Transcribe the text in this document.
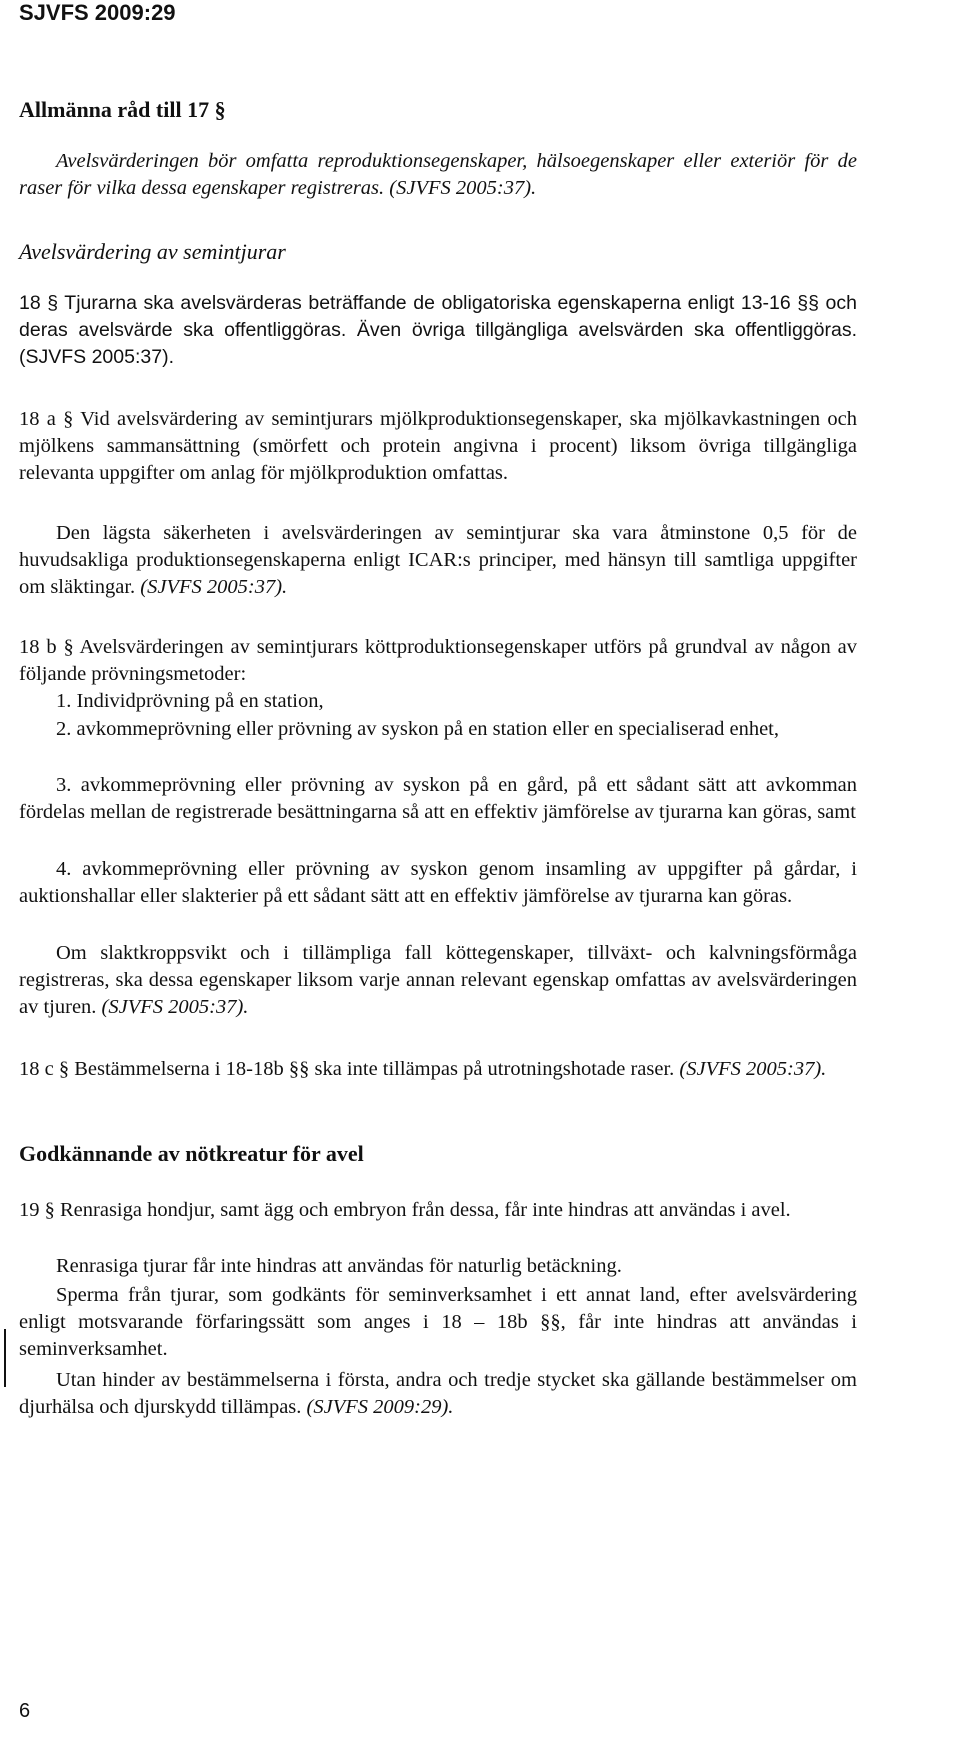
SJVFS 2009:29
Allmänna råd till 17 §
Avelsvärderingen bör omfatta reproduktionsegenskaper, hälsoegenskaper eller exteriör för de raser för vilka dessa egenskaper registreras. (SJVFS 2005:37).
Avelsvärdering av semintjurar
18 § Tjurarna ska avelsvärderas beträffande de obligatoriska egenskaperna enligt 13-16 §§ och deras avelsvärde ska offentliggöras. Även övriga tillgängliga avelsvärden ska offentliggöras. (SJVFS 2005:37).
18 a § Vid avelsvärdering av semintjurars mjölkproduktionsegenskaper, ska mjölkavkastningen och mjölkens sammansättning (smörfett och protein angivna i procent) liksom övriga tillgängliga relevanta uppgifter om anlag för mjölkproduktion omfattas.
Den lägsta säkerheten i avelsvärderingen av semintjurar ska vara åtminstone 0,5 för de huvudsakliga produktionsegenskaperna enligt ICAR:s principer, med hänsyn till samtliga uppgifter om släktingar. (SJVFS 2005:37).
18 b § Avelsvärderingen av semintjurars köttproduktionsegenskaper utförs på grundval av någon av följande prövningsmetoder:
1. Individprövning på en station,
2. avkommeprövning eller prövning av syskon på en station eller en specialiserad enhet,
3. avkommeprövning eller prövning av syskon på en gård, på ett sådant sätt att avkomman fördelas mellan de registrerade besättningarna så att en effektiv jämförelse av tjurarna kan göras, samt
4. avkommeprövning eller prövning av syskon genom insamling av uppgifter på gårdar, i auktionshallar eller slakterier på ett sådant sätt att en effektiv jämförelse av tjurarna kan göras.
Om slaktkroppsvikt och i tillämpliga fall köttegenskaper, tillväxt- och kalvningsförmåga registreras, ska dessa egenskaper liksom varje annan relevant egenskap omfattas av avelsvärderingen av tjuren. (SJVFS 2005:37).
18 c § Bestämmelserna i 18-18b §§ ska inte tillämpas på utrotningshotade raser. (SJVFS 2005:37).
Godkännande av nötkreatur för avel
19 § Renrasiga hondjur, samt ägg och embryon från dessa, får inte hindras att användas i avel.
Renrasiga tjurar får inte hindras att användas för naturlig betäckning.
Sperma från tjurar, som godkänts för seminverksamhet i ett annat land, efter avelsvärdering enligt motsvarande förfaringssätt som anges i 18 – 18b §§, får inte hindras att användas i seminverksamhet.
Utan hinder av bestämmelserna i första, andra och tredje stycket ska gällande bestämmelser om djurhälsa och djurskydd tillämpas. (SJVFS 2009:29).
6
